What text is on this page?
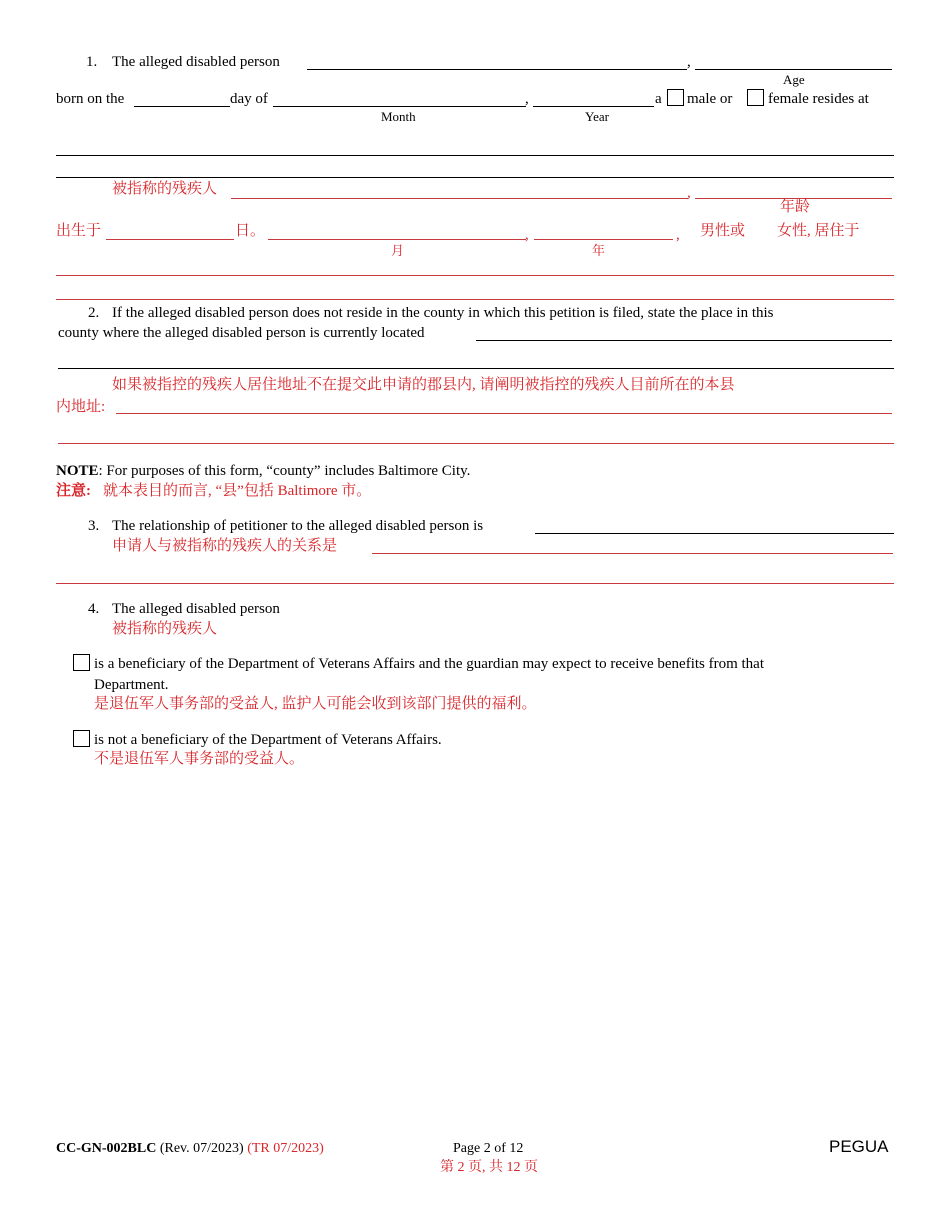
1. The alleged disabled person	,
Age
born on the	day of	,	a male or female resides at
Month	Year
被指称的残疾人	,
年龄
出生于	日。	,	, 男性或 女性, 居住于
月	年
2. If the alleged disabled person does not reside in the county in which this petition is filed, state the place in this
county where the alleged disabled person is currently located
如果被指控的残疾人居住地址不在提交此申请的郡县内, 请阐明被指控的残疾人目前所在的本县
内地址:
NOTE: For purposes of this form, “county” includes Baltimore City.
注意: 就本表目的而言, “县”包括 Baltimore 市。
3. The relationship of petitioner to the alleged disabled person is
申请人与被指称的残疾人的关系是
4. The alleged disabled person
被指称的残疾人
is a beneficiary of the Department of Veterans Affairs and the guardian may expect to receive benefits from that
Department.
是退伍军人事务部的受益人, 监护人可能会收到该部门提供的福利。
is not a beneficiary of the Department of Veterans Affairs.
不是退伍军人事务部的受益人。
CC-GN-002BLC (Rev. 07/2023) (TR 07/2023)	Page 2 of 12
第 2 页, 共 12 页
PEGUA
